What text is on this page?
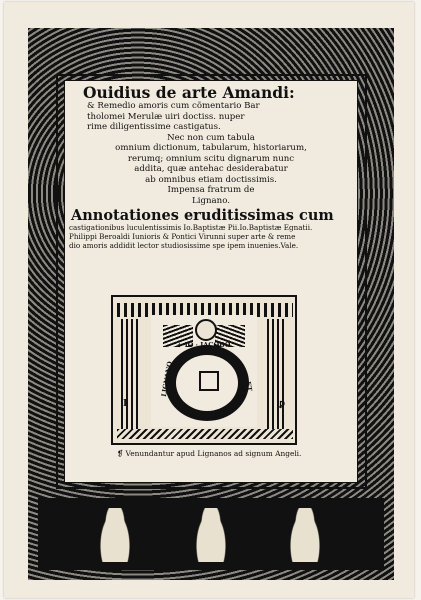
Ouidius de arte Amandi:

& Remedio amoris cum cõmentario Bar

tholomei Merulæ uiri doctiss. nuper

rime diligentissime castigatus.

Nec non cum tabula

omnium dictionum, tabularum, historiarum,

rerumq; omnium scitu dignarum nunc

addita, quæ antehac desiderabatur

ab omnibus etiam doctissimis.

Impensa fratrum de

Lignano.

Annotationes eruditissimas cum

castigationibus luculentissimis Io.Baptistæ Pii.Io.Baptistæ Egnatii.

Philippi Beroaldi Iunioris & Pontici Virunni super arte & reme

dio amoris addidit lector studiosissime spe ipem inuenies.Vale.

+ IO · IACOBO
LIGNANO	ET FRA
I	ꝑ

❡ Venundantur apud Lignanos ad signum Angeli.
